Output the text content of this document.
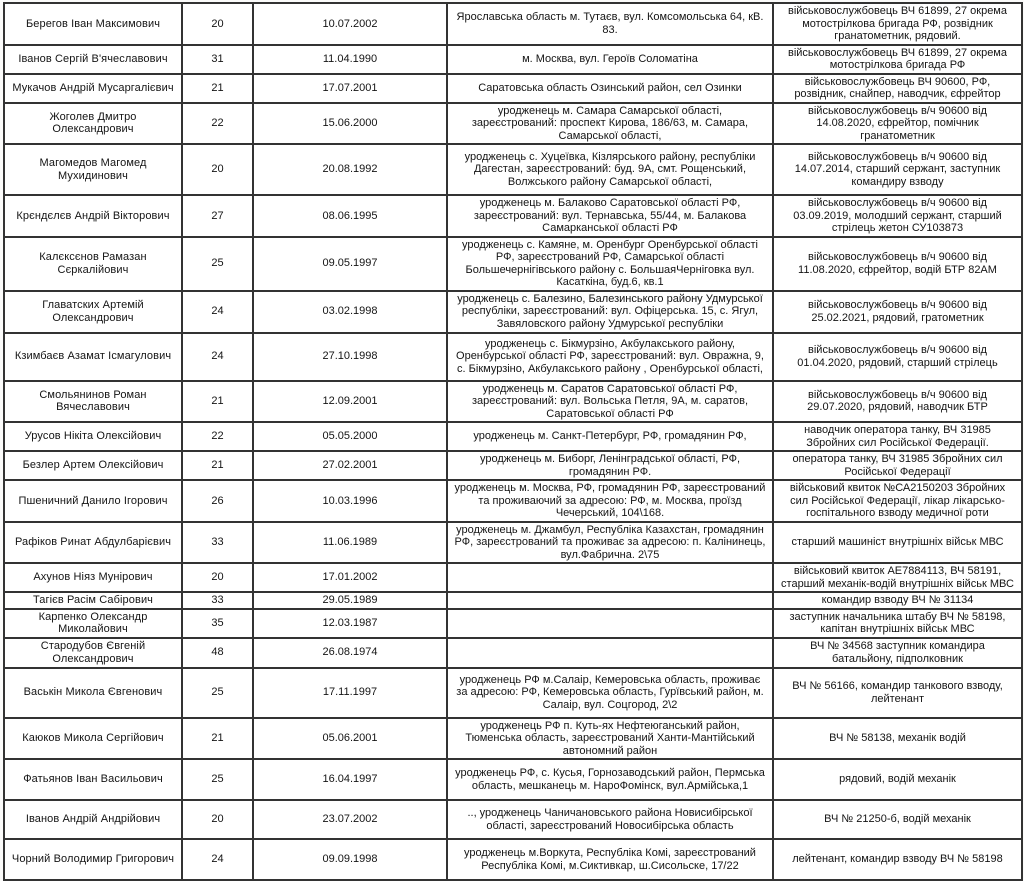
Берегов Іван Максимович	20	10.07.2002	Ярославська область м. Тутаєв, вул. Комсомольська 64, кВ. 83.	військовослужбовець ВЧ 61899, 27 окрема мотострілкова бригада РФ, розвідник гранатометник, рядовий.
Іванов Сергій В'ячеславович	31	11.04.1990	м. Москва, вул. Героїв Соломатіна	військовослужбовець ВЧ 61899, 27 окрема мотострілкова бригада РФ
Мукачов Андрій Мусаргалієвич	21	17.07.2001	Саратовська область Озинський район, сел Озинки	військовослужбовець ВЧ 90600, РФ, розвідник, снайпер, наводчик, єфрейтор
Жоголев Дмитро Олександрович	22	15.06.2000	уродженець м. Самара Самарської області, зареєстрований: проспект Кирова, 186/63, м. Самара, Самарської області,	військовослужбовець в/ч 90600 від 14.08.2020, єфрейтор, помічник гранатометник
Магомедов Магомед Мухидинович	20	20.08.1992	уродженець с. Хуцеївка, Кізлярського району, республіки Дагестан, зареєстрований: буд. 9А, смт. Рощенський, Волжського району Самарської області,	військовослужбовець в/ч 90600 від 14.07.2014, старший сержант, заступник командиру взводу
Крєндєлєв Андрій Вікторович	27	08.06.1995	уродженець м. Балаково Саратовської області РФ, зареєстрований: вул. Тернавська, 55/44, м. Балакова Самарканської області РФ	військовослужбовець в/ч 90600 від 03.09.2019, молодший сержант, старший стрілець жетон СУ103873
Калєксєнов Рамазан Сєркалійович	25	09.05.1997	уродженець с. Камяне, м. Оренбург Оренбурської області РФ, зареєстрований РФ, Самарської області Большечернігівського району с. БольшаяЧерніговка вул. Касаткіна, буд.6, кв.1	військовослужбовець в/ч 90600 від 11.08.2020, єфрейтор, водій БТР 82АМ
Главатских Артемій Олександрович	24	03.02.1998	уродженець с. Балезино, Балезинського району Удмурської республіки, зареєстрований: вул. Офіцерська. 15, с. Ягул, Завяловского району Удмурської республіки	військовослужбовець в/ч 90600 від 25.02.2021, рядовий, гратометник
Кзимбаєв Азамат Ісмагулович	24	27.10.1998	уродженець с. Бікмурзіно, Акбулакського району, Оренбурської області РФ, зареєстрований: вул. Овражна, 9, с. Бікмурзіно, Акбулакського району , Оренбурської області,	військовослужбовець в/ч 90600 від 01.04.2020, рядовий, старший стрілець
Смольянинов Роман Вячеславович	21	12.09.2001	уродженець м. Саратов Саратовської області РФ, зареєстрований: вул. Вольська Петля, 9А, м. саратов, Саратовської області РФ	військовослужбовець в/ч 90600 від 29.07.2020, рядовий, наводчик БТР
Урусов Нікіта Олексійович	22	05.05.2000	уродженець м. Санкт-Петербург, РФ, громадянин РФ,	наводчик оператора танку, ВЧ 31985 Збройних сил Російської Федерації.
Безлер Артем Олексійович	21	27.02.2001	уродженець м. Биборг, Ленінградської області, РФ, громадянин РФ.	оператора танку, ВЧ 31985 Збройних сил Російської Федерації
Пшеничний Данило Ігорович	26	10.03.1996	уродженець м. Москва, РФ, громадянин РФ, зареєстрований та проживаючий за адресою: РФ, м. Москва, проїзд Чечерський, 104\168.	військовий квиток №СА2150203 Збройних сил Російської Федерації, лікар лікарсько-госпітального взводу медичної роти
Рафіков Ринат Абдулбарієвич	33	11.06.1989	уродженець м. Джамбул, Республіка Казахстан, громадянин РФ, зареєстрований та проживає за адресою: п. Калінинець, вул.Фабрична. 2\75	старший машиніст внутрішніх військ МВС
Ахунов Ніяз Мунірович	20	17.01.2002		військовий квиток АЕ7884113, ВЧ 58191, старший механік-водій внутрішніх військ МВС
Тагієв Расім Сабірович	33	29.05.1989		командир взводу ВЧ № 31134
Карпенко Олександр Миколайович	35	12.03.1987		заступник начальника штабу ВЧ № 58198, капітан внутрішніх військ МВС
Стародубов Євгеній Олександрович	48	26.08.1974		ВЧ № 34568 заступник командира батальйону, підполковник
Васькін Микола Євгенович	25	17.11.1997	уродженець РФ м.Салаір, Кемеровська область, проживає за адресою: РФ, Кемеровська область, Гурївський район, м. Салаір, вул. Соцгород, 2\2	ВЧ № 56166, командир танкового взводу, лейтенант
Каюков Микола Сергійович	21	05.06.2001	уродженець РФ п. Куть-ях Нефтеюганський район, Тюменська область, зареєстрований Ханти-Мантійський автономний район	ВЧ № 58138, механік водій
Фатьянов Іван Васильович	25	16.04.1997	уродженець РФ, с. Кусья, Горнозаводський район, Пермська область, мешканець м. НароФомінск, вул.Армійська,1	рядовий, водій механік
Іванов Андрій Андрійович	20	23.07.2002	.., уродженець Чаничановського района Новисибірської області, зареєстрований Новосибірська область	ВЧ № 21250-б, водій механік
Чорний Володимир Григорович	24	09.09.1998	уродженець м.Воркута, Республіка Комі, зареєстрований Республіка Комі, м.Сиктивкар, ш.Сисольске, 17/22	лейтенант, командир взводу ВЧ № 58198
